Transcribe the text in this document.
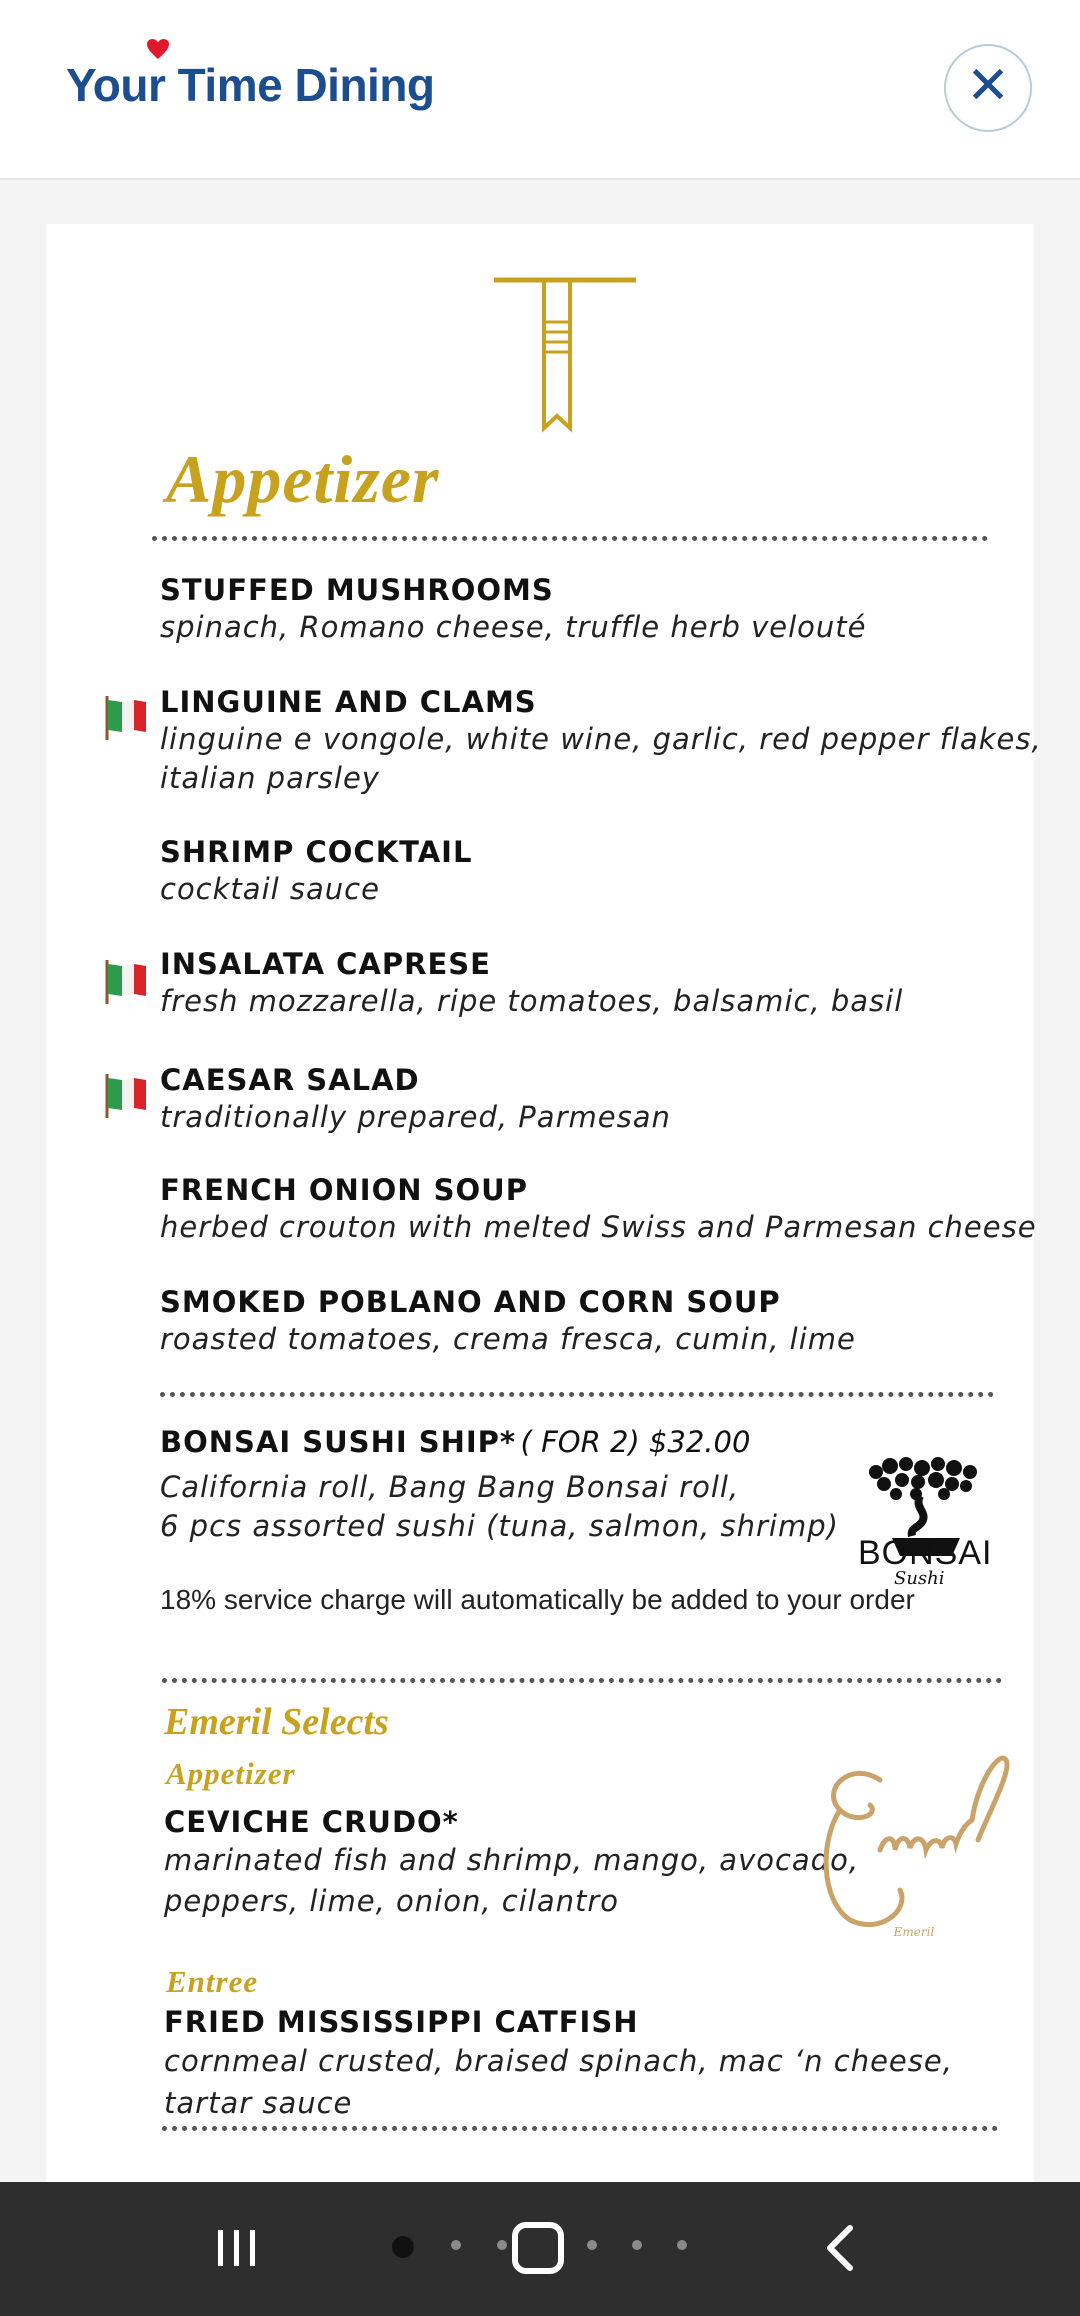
Your Time Dining	✕
Appetizer
STUFFED MUSHROOMS
spinach, Romano cheese, truffle herb velouté
LINGUINE AND CLAMS
linguine e vongole, white wine, garlic, red pepper flakes,
italian parsley
SHRIMP COCKTAIL
cocktail sauce
INSALATA CAPRESE
fresh mozzarella, ripe tomatoes, balsamic, basil
CAESAR SALAD
traditionally prepared, Parmesan
FRENCH ONION SOUP
herbed crouton with melted Swiss and Parmesan cheese
SMOKED POBLANO AND CORN SOUP
roasted tomatoes, crema fresca, cumin, lime
BONSAI SUSHI SHIP* ( FOR 2) $32.00
California roll, Bang Bang Bonsai roll,
6 pcs assorted sushi (tuna, salmon, shrimp)
18% service charge will automatically be added to your order
BONSAI
Sushi
Emeril Selects
Appetizer
CEVICHE CRUDO*
marinated fish and shrimp, mango, avocado,
peppers, lime, onion, cilantro
Emeril
Entree
FRIED MISSISSIPPI CATFISH
cornmeal crusted, braised spinach, mac ‘n cheese,
tartar sauce
